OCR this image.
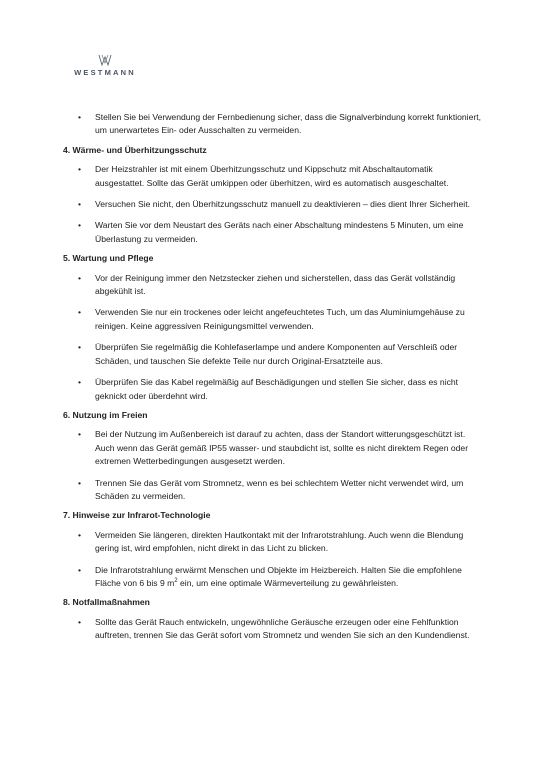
WESTMANN
• Stellen Sie bei Verwendung der Fernbedienung sicher, dass die Signalverbindung korrekt funktioniert, um unerwartetes Ein- oder Ausschalten zu vermeiden.

4. Wärme- und Überhitzungsschutz

• Der Heizstrahler ist mit einem Überhitzungsschutz und Kippschutz mit Abschaltautomatik ausgestattet. Sollte das Gerät umkippen oder überhitzen, wird es automatisch ausgeschaltet.
• Versuchen Sie nicht, den Überhitzungsschutz manuell zu deaktivieren – dies dient Ihrer Sicherheit.
• Warten Sie vor dem Neustart des Geräts nach einer Abschaltung mindestens 5 Minuten, um eine Überlastung zu vermeiden.

5. Wartung und Pflege

• Vor der Reinigung immer den Netzstecker ziehen und sicherstellen, dass das Gerät vollständig abgekühlt ist.
• Verwenden Sie nur ein trockenes oder leicht angefeuchtetes Tuch, um das Aluminiumgehäuse zu reinigen. Keine aggressiven Reinigungsmittel verwenden.
• Überprüfen Sie regelmäßig die Kohlefaserlampe und andere Komponenten auf Verschleiß oder Schäden, und tauschen Sie defekte Teile nur durch Original-Ersatzteile aus.
• Überprüfen Sie das Kabel regelmäßig auf Beschädigungen und stellen Sie sicher, dass es nicht geknickt oder überdehnt wird.

6. Nutzung im Freien

• Bei der Nutzung im Außenbereich ist darauf zu achten, dass der Standort witterungsgeschützt ist. Auch wenn das Gerät gemäß IP55 wasser- und staubdicht ist, sollte es nicht direktem Regen oder extremen Wetterbedingungen ausgesetzt werden.
• Trennen Sie das Gerät vom Stromnetz, wenn es bei schlechtem Wetter nicht verwendet wird, um Schäden zu vermeiden.

7. Hinweise zur Infrarot-Technologie

• Vermeiden Sie längeren, direkten Hautkontakt mit der Infrarotstrahlung. Auch wenn die Blendung gering ist, wird empfohlen, nicht direkt in das Licht zu blicken.
• Die Infrarotstrahlung erwärmt Menschen und Objekte im Heizbereich. Halten Sie die empfohlene Fläche von 6 bis 9 $m^2$ ein, um eine optimale Wärmeverteilung zu gewährleisten.

8. Notfallmaßnahmen

• Sollte das Gerät Rauch entwickeln, ungewöhnliche Geräusche erzeugen oder eine Fehlfunktion auftreten, trennen Sie das Gerät sofort vom Stromnetz und wenden Sie sich an den Kundendienst.
